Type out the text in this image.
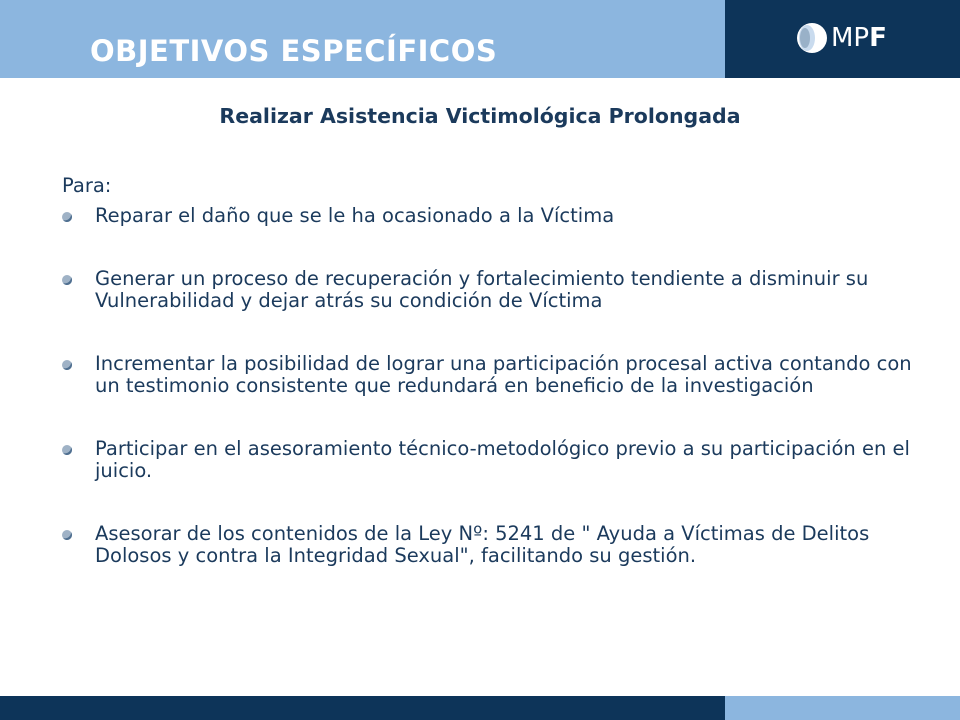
OBJETIVOS ESPECÍFICOS	MPF
Realizar Asistencia Victimológica Prolongada

Para:

Reparar el daño que se le ha ocasionado a la Víctima
Generar un proceso de recuperación y fortalecimiento tendiente a disminuir su Vulnerabilidad y dejar atrás su condición de Víctima
Incrementar la posibilidad de lograr una participación procesal activa contando con un testimonio consistente que redundará en beneficio de la investigación
Participar en el asesoramiento técnico-metodológico previo a su participación en el juicio.
Asesorar de los contenidos de la Ley Nº: 5241 de " Ayuda a Víctimas de Delitos Dolosos y contra la Integridad Sexual", facilitando su gestión.
